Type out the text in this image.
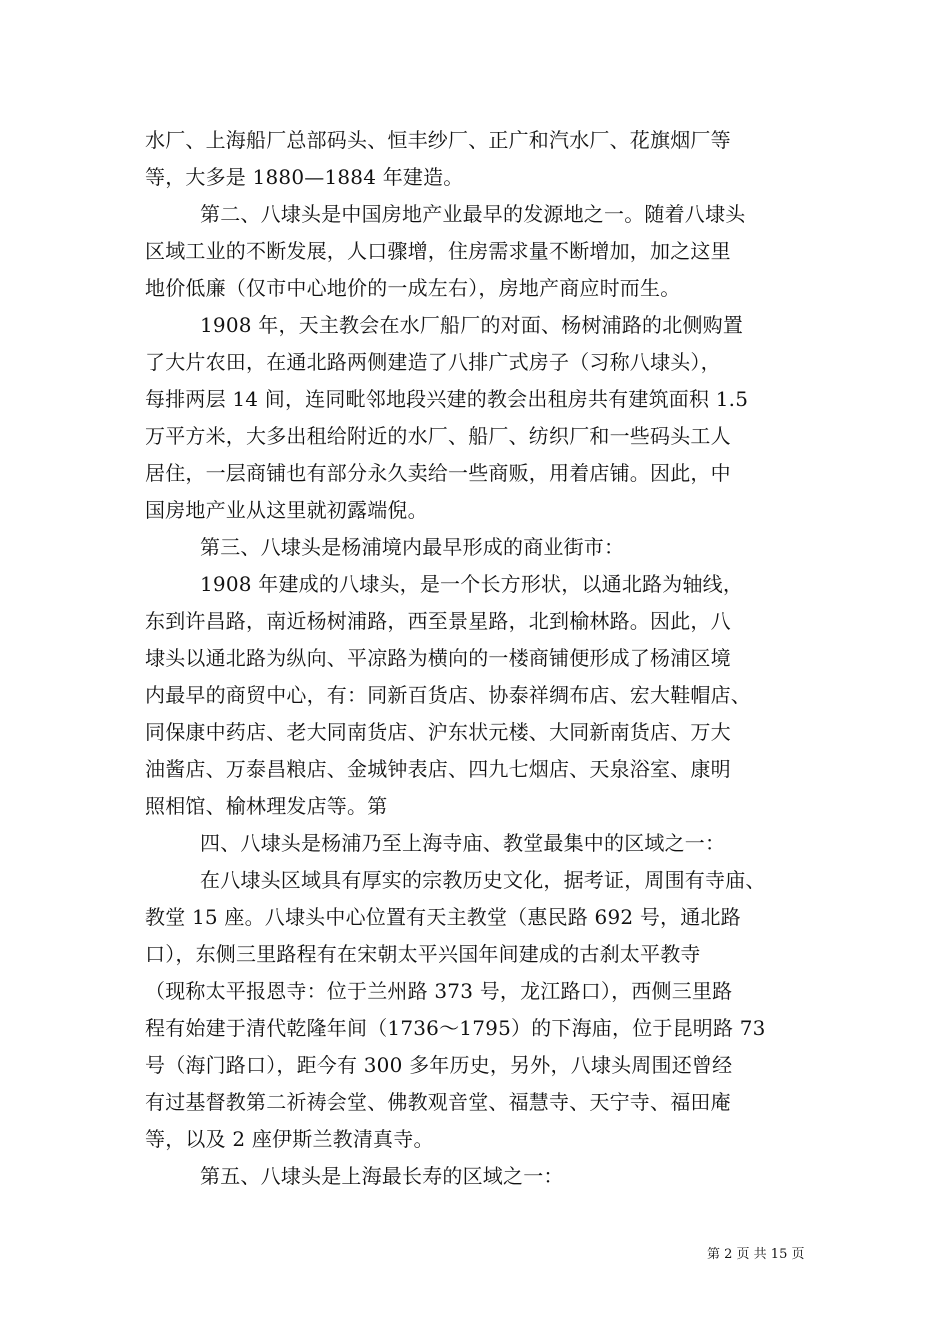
水厂、上海船厂总部码头、恒丰纱厂、正广和汽水厂、花旗烟厂等
等，大多是 1880—1884 年建造。
第二、八埭头是中国房地产业最早的发源地之一。随着八埭头
区域工业的不断发展，人口骤增，住房需求量不断增加，加之这里
地价低廉（仅市中心地价的一成左右），房地产商应时而生。
1908 年，天主教会在水厂船厂的对面、杨树浦路的北侧购置
了大片农田，在通北路两侧建造了八排广式房子（习称八埭头），
每排两层 14 间，连同毗邻地段兴建的教会出租房共有建筑面积 1.5
万平方米，大多出租给附近的水厂、船厂、纺织厂和一些码头工人
居住，一层商铺也有部分永久卖给一些商贩，用着店铺。因此，中
国房地产业从这里就初露端倪。
第三、八埭头是杨浦境内最早形成的商业街市：
1908 年建成的八埭头，是一个长方形状，以通北路为轴线，
东到许昌路，南近杨树浦路，西至景星路，北到榆林路。因此，八
埭头以通北路为纵向、平凉路为横向的一楼商铺便形成了杨浦区境
内最早的商贸中心，有：同新百货店、协泰祥绸布店、宏大鞋帽店、
同保康中药店、老大同南货店、沪东状元楼、大同新南货店、万大
油酱店、万泰昌粮店、金城钟表店、四九七烟店、天泉浴室、康明
照相馆、榆林理发店等。第
四、八埭头是杨浦乃至上海寺庙、教堂最集中的区域之一：
在八埭头区域具有厚实的宗教历史文化，据考证，周围有寺庙、
教堂 15 座。八埭头中心位置有天主教堂（惠民路 692 号，通北路
口），东侧三里路程有在宋朝太平兴国年间建成的古刹太平教寺
（现称太平报恩寺：位于兰州路 373 号，龙江路口），西侧三里路
程有始建于清代乾隆年间（1736～1795）的下海庙，位于昆明路 73
号（海门路口），距今有 300 多年历史，另外，八埭头周围还曾经
有过基督教第二祈祷会堂、佛教观音堂、福慧寺、天宁寺、福田庵
等，以及 2 座伊斯兰教清真寺。
第五、八埭头是上海最长寿的区域之一：
第 2 页 共 15 页
